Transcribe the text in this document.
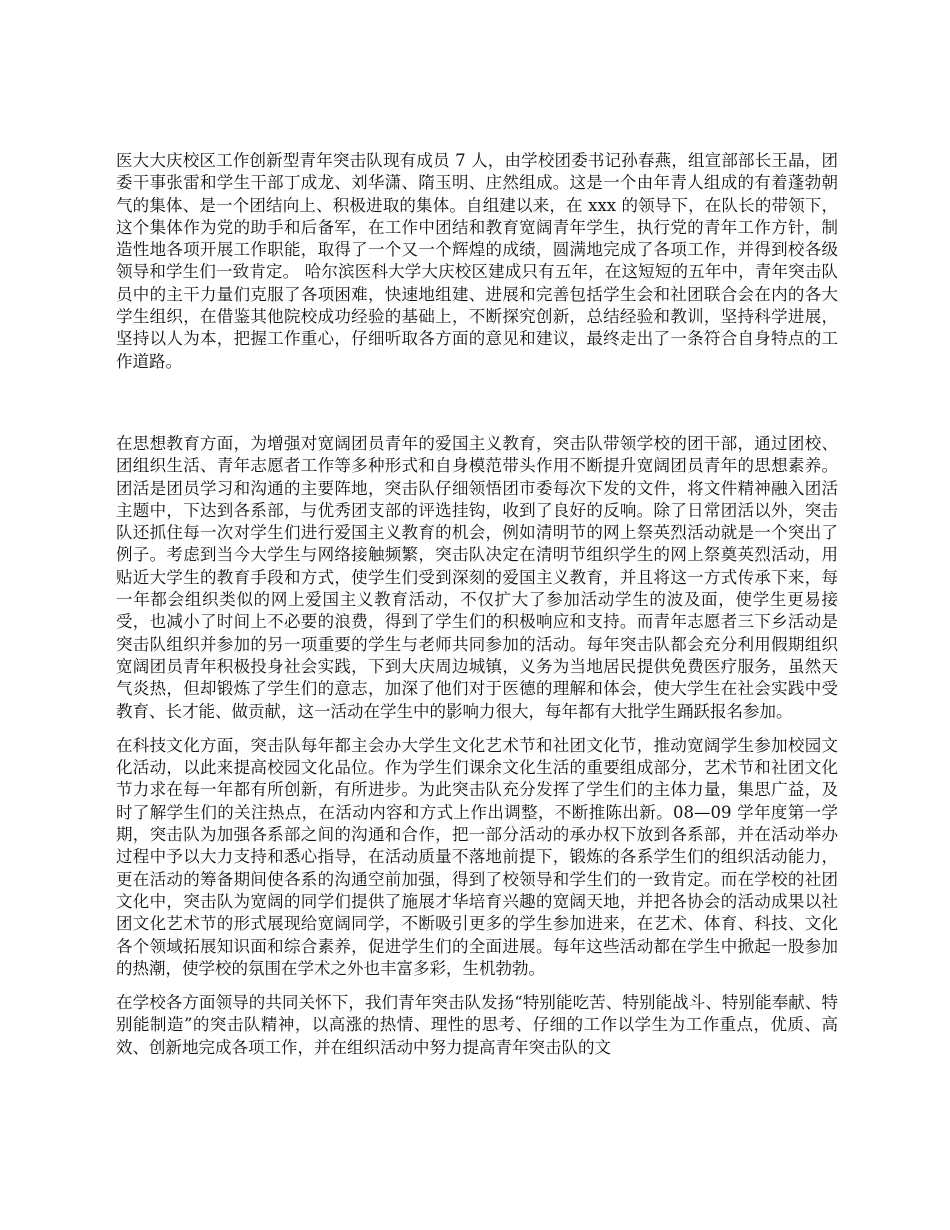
医大大庆校区工作创新型青年突击队现有成员 7 人，由学校团委书记孙春燕，组宣部部长王晶，团委干事张雷和学生干部丁成龙、刘华潇、隋玉明、庄然组成。这是一个由年青人组成的有着蓬勃朝气的集体、是一个团结向上、积极进取的集体。自组建以来，在 xxx 的领导下，在队长的带领下，这个集体作为党的助手和后备军，在工作中团结和教育宽阔青年学生，执行党的青年工作方针，制造性地各项开展工作职能，取得了一个又一个辉煌的成绩，圆满地完成了各项工作，并得到校各级领导和学生们一致肯定。 哈尔滨医科大学大庆校区建成只有五年，在这短短的五年中，青年突击队员中的主干力量们克服了各项困难，快速地组建、进展和完善包括学生会和社团联合会在内的各大学生组织，在借鉴其他院校成功经验的基础上，不断探究创新，总结经验和教训，坚持科学进展，坚持以人为本，把握工作重心，仔细听取各方面的意见和建议，最终走出了一条符合自身特点的工作道路。

在思想教育方面，为增强对宽阔团员青年的爱国主义教育，突击队带领学校的团干部，通过团校、团组织生活、青年志愿者工作等多种形式和自身模范带头作用不断提升宽阔团员青年的思想素养。团活是团员学习和沟通的主要阵地，突击队仔细领悟团市委每次下发的文件，将文件精神融入团活主题中，下达到各系部，与优秀团支部的评选挂钩，收到了良好的反响。除了日常团活以外，突击队还抓住每一次对学生们进行爱国主义教育的机会，例如清明节的网上祭英烈活动就是一个突出了例子。考虑到当今大学生与网络接触频繁，突击队决定在清明节组织学生的网上祭奠英烈活动，用贴近大学生的教育手段和方式，使学生们受到深刻的爱国主义教育，并且将这一方式传承下来，每一年都会组织类似的网上爱国主义教育活动，不仅扩大了参加活动学生的波及面，使学生更易接受，也减小了时间上不必要的浪费，得到了学生们的积极响应和支持。而青年志愿者三下乡活动是突击队组织并参加的另一项重要的学生与老师共同参加的活动。每年突击队都会充分利用假期组织宽阔团员青年积极投身社会实践，下到大庆周边城镇，义务为当地居民提供免费医疗服务，虽然天气炎热，但却锻炼了学生们的意志，加深了他们对于医德的理解和体会，使大学生在社会实践中受教育、长才能、做贡献，这一活动在学生中的影响力很大，每年都有大批学生踊跃报名参加。

在科技文化方面，突击队每年都主会办大学生文化艺术节和社团文化节，推动宽阔学生参加校园文化活动，以此来提高校园文化品位。作为学生们课余文化生活的重要组成部分，艺术节和社团文化节力求在每一年都有所创新，有所进步。为此突击队充分发挥了学生们的主体力量，集思广益，及时了解学生们的关注热点，在活动内容和方式上作出调整，不断推陈出新。08—09 学年度第一学期，突击队为加强各系部之间的沟通和合作，把一部分活动的承办权下放到各系部，并在活动举办过程中予以大力支持和悉心指导，在活动质量不落地前提下，锻炼的各系学生们的组织活动能力，更在活动的筹备期间使各系的沟通空前加强，得到了校领导和学生们的一致肯定。而在学校的社团文化中，突击队为宽阔的同学们提供了施展才华培育兴趣的宽阔天地，并把各协会的活动成果以社团文化艺术节的形式展现给宽阔同学，不断吸引更多的学生参加进来，在艺术、体育、科技、文化各个领域拓展知识面和综合素养，促进学生们的全面进展。每年这些活动都在学生中掀起一股参加的热潮，使学校的氛围在学术之外也丰富多彩，生机勃勃。

在学校各方面领导的共同关怀下，我们青年突击队发扬“特别能吃苦、特别能战斗、特别能奉献、特别能制造”的突击队精神，以高涨的热情、理性的思考、仔细的工作以学生为工作重点，优质、高效、创新地完成各项工作，并在组织活动中努力提高青年突击队的文
